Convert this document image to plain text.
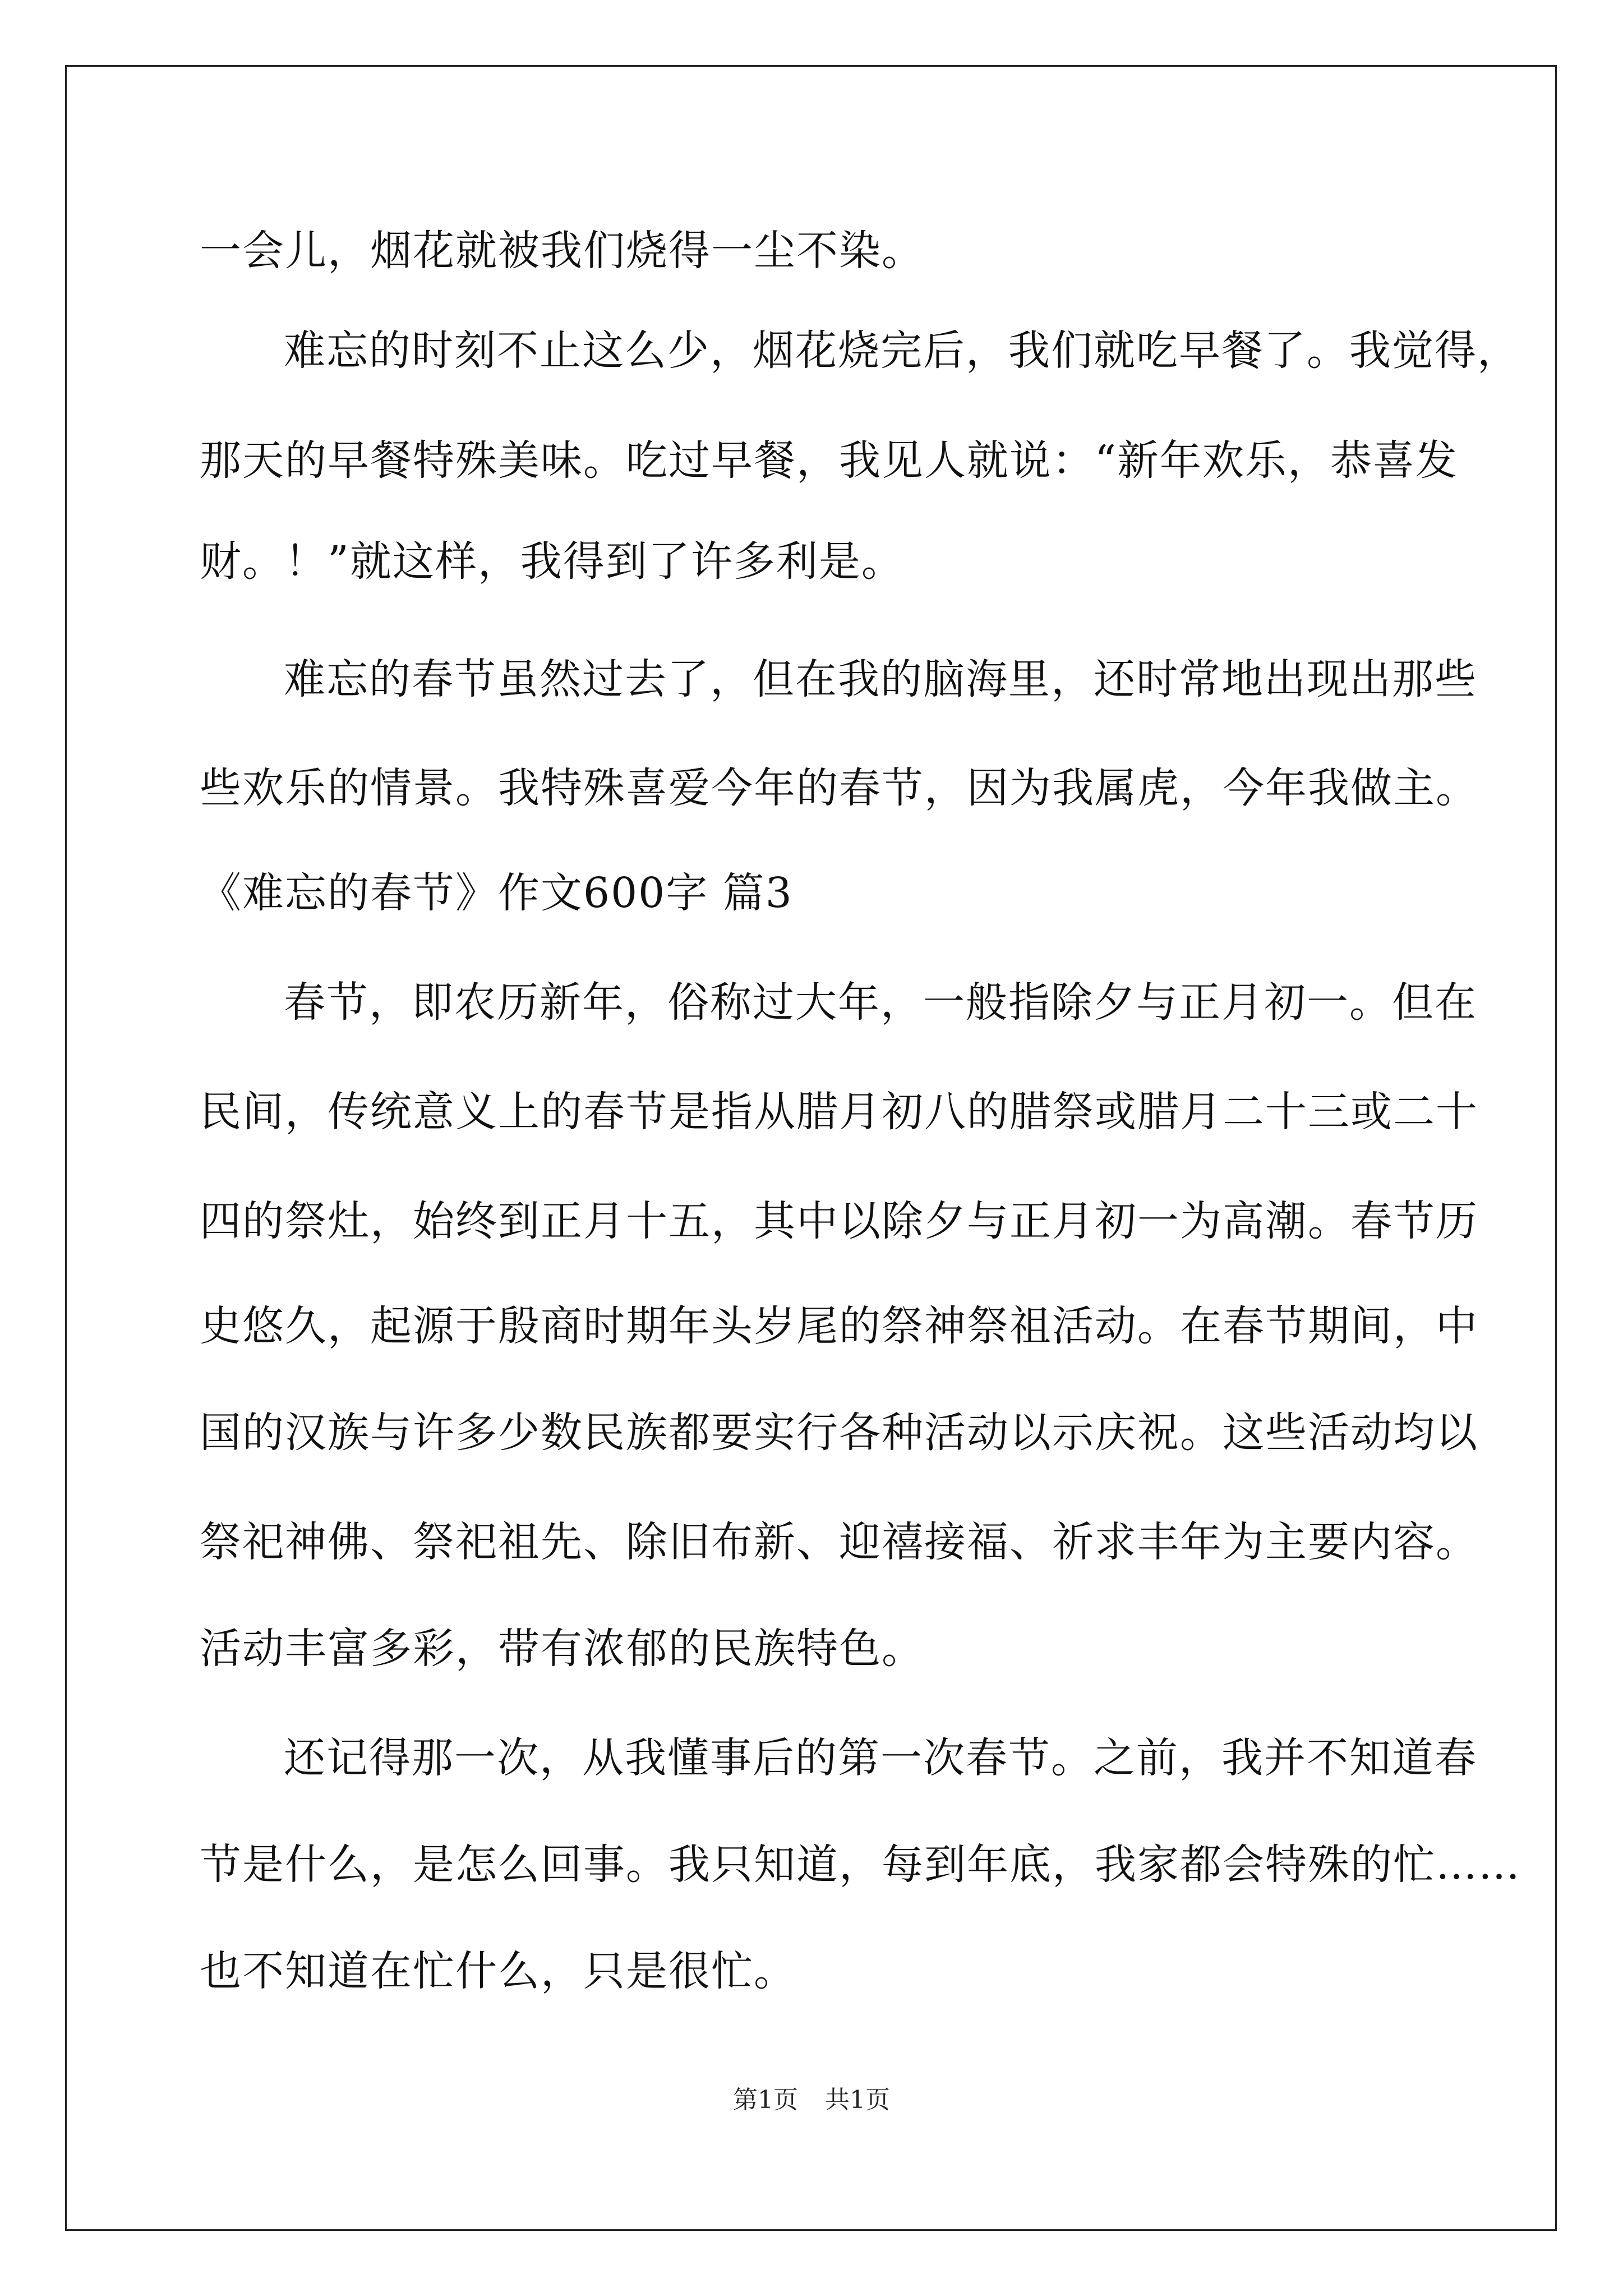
一会儿，烟花就被我们烧得一尘不染。
难忘的时刻不止这么少，烟花烧完后，我们就吃早餐了。我觉得，
那天的早餐特殊美味。吃过早餐，我见人就说：“新年欢乐，恭喜发
财。！”就这样，我得到了许多利是。
难忘的春节虽然过去了，但在我的脑海里，还时常地出现出那些
些欢乐的情景。我特殊喜爱今年的春节，因为我属虎，今年我做主。
《难忘的春节》作文600字 篇3
春节，即农历新年，俗称过大年，一般指除夕与正月初一。但在
民间，传统意义上的春节是指从腊月初八的腊祭或腊月二十三或二十
四的祭灶，始终到正月十五，其中以除夕与正月初一为高潮。春节历
史悠久，起源于殷商时期年头岁尾的祭神祭祖活动。在春节期间，中
国的汉族与许多少数民族都要实行各种活动以示庆祝。这些活动均以
祭祀神佛、祭祀祖先、除旧布新、迎禧接福、祈求丰年为主要内容。
活动丰富多彩，带有浓郁的民族特色。
还记得那一次，从我懂事后的第一次春节。之前，我并不知道春
节是什么，是怎么回事。我只知道，每到年底，我家都会特殊的忙……
也不知道在忙什么，只是很忙。
第1页 共1页
